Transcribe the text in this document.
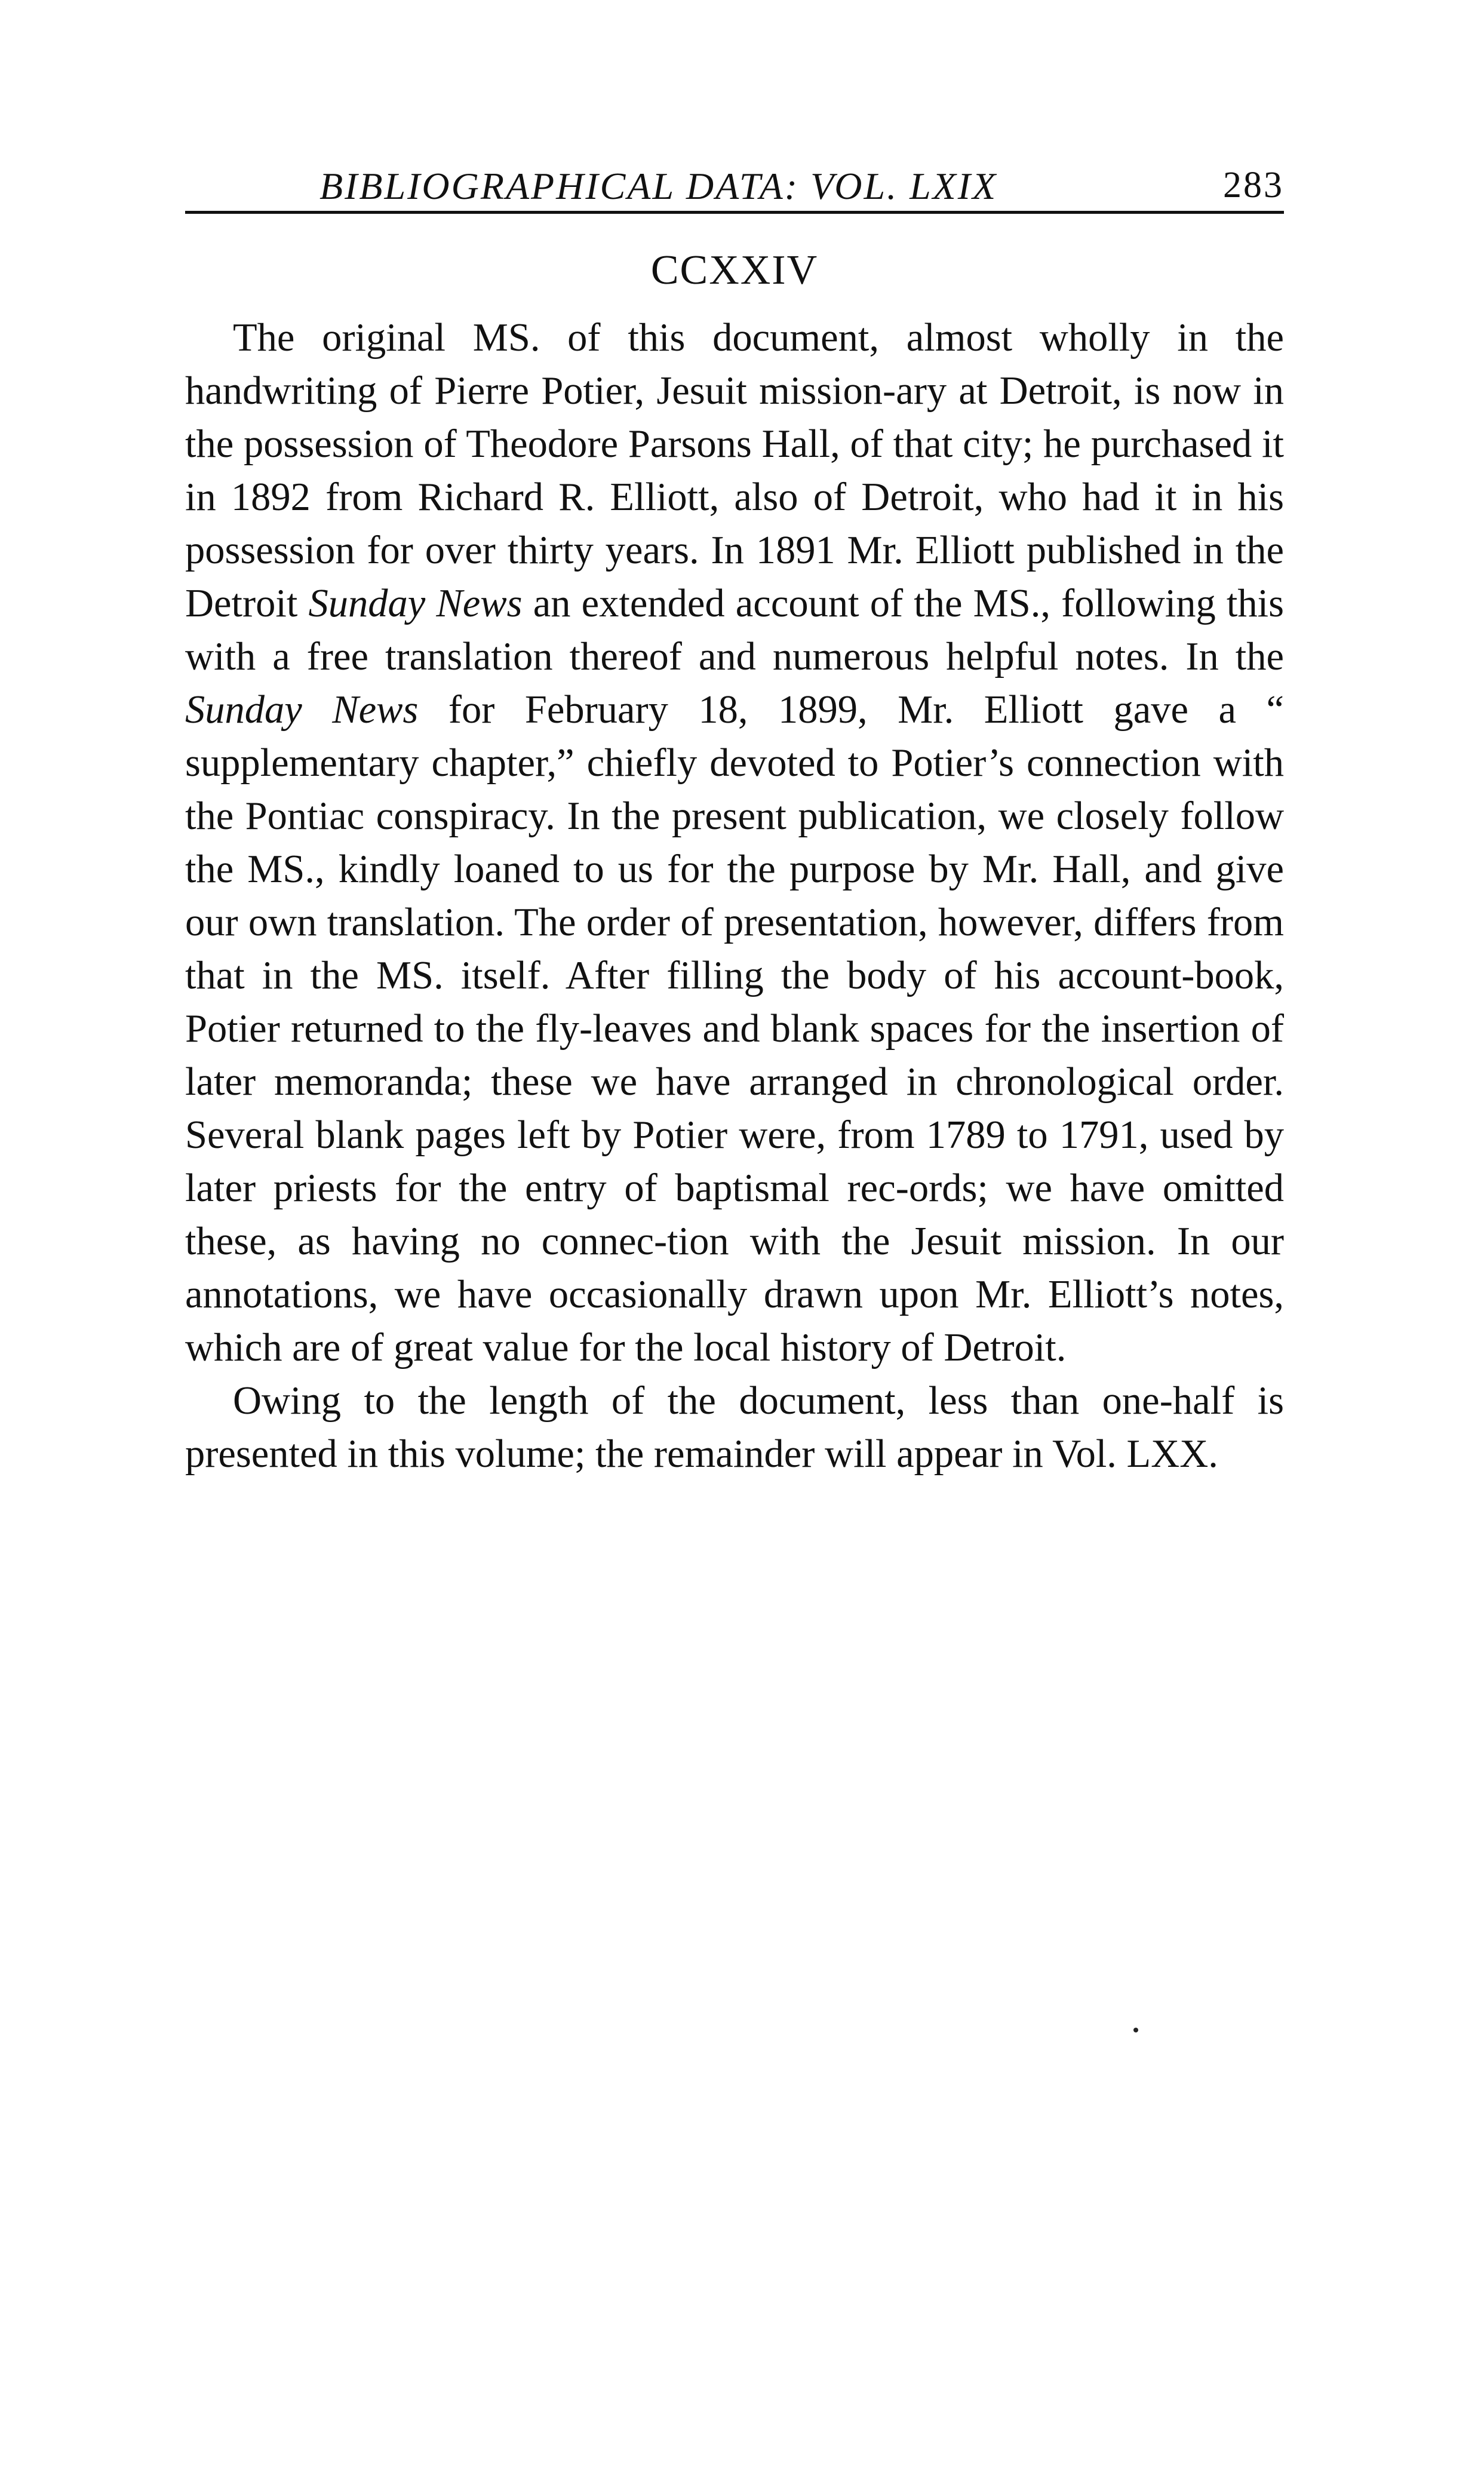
BIBLIOGRAPHICAL DATA: VOL. LXIX	283
CCXXIV

The original MS. of this document, almost wholly in the handwriting of Pierre Potier, Jesuit mission-ary at Detroit, is now in the possession of Theodore Parsons Hall, of that city; he purchased it in 1892 from Richard R. Elliott, also of Detroit, who had it in his possession for over thirty years. In 1891 Mr. Elliott published in the Detroit Sunday News an extended account of the MS., following this with a free translation thereof and numerous helpful notes. In the Sunday News for February 18, 1899, Mr. Elliott gave a “ supplementary chapter,” chiefly devoted to Potier’s connection with the Pontiac conspiracy. In the present publication, we closely follow the MS., kindly loaned to us for the purpose by Mr. Hall, and give our own translation. The order of presentation, however, differs from that in the MS. itself. After filling the body of his account-book, Potier returned to the fly-leaves and blank spaces for the insertion of later memoranda; these we have arranged in chronological order. Several blank pages left by Potier were, from 1789 to 1791, used by later priests for the entry of baptismal rec-ords; we have omitted these, as having no connec-tion with the Jesuit mission. In our annotations, we have occasionally drawn upon Mr. Elliott’s notes, which are of great value for the local history of Detroit.

Owing to the length of the document, less than one-half is presented in this volume; the remainder will appear in Vol. LXX.
